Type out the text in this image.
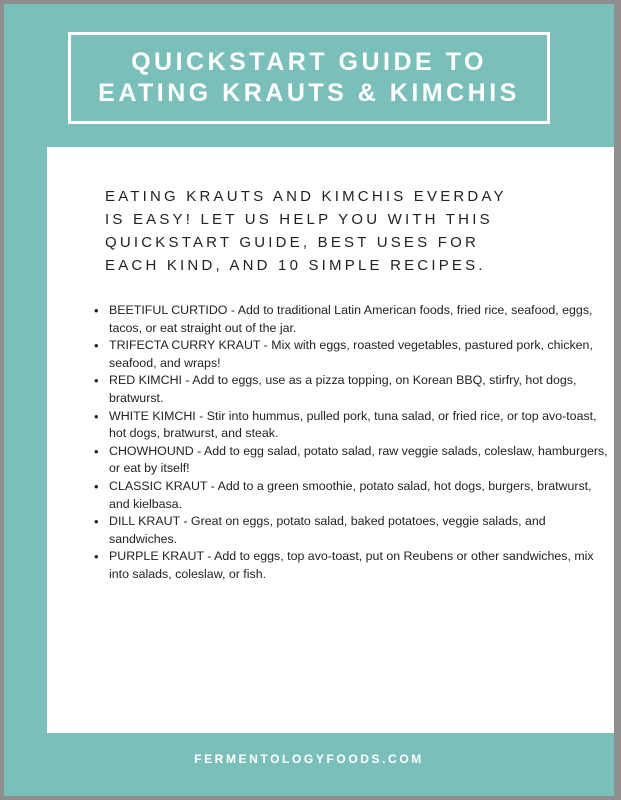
QUICKSTART GUIDE TO
EATING KRAUTS & KIMCHIS

EATING KRAUTS AND KIMCHIS EVERDAY
IS EASY! LET US HELP YOU WITH THIS
QUICKSTART GUIDE, BEST USES FOR
EACH KIND, AND 10 SIMPLE RECIPES.

• BEETIFUL CURTIDO - Add to traditional Latin American foods, fried rice, seafood, eggs, tacos, or eat straight out of the jar.
• TRIFECTA CURRY KRAUT - Mix with eggs, roasted vegetables, pastured pork, chicken, seafood, and wraps!
• RED KIMCHI - Add to eggs, use as a pizza topping, on Korean BBQ, stirfry, hot dogs, bratwurst.
• WHITE KIMCHI - Stir into hummus, pulled pork, tuna salad, or fried rice, or top avo-toast, hot dogs, bratwurst, and steak.
• CHOWHOUND - Add to egg salad, potato salad, raw veggie salads, coleslaw, hamburgers, or eat by itself!
• CLASSIC KRAUT - Add to a green smoothie, potato salad, hot dogs, burgers, bratwurst, and kielbasa.
• DILL KRAUT - Great on eggs, potato salad, baked potatoes, veggie salads, and sandwiches.
• PURPLE KRAUT - Add to eggs, top avo-toast, put on Reubens or other sandwiches, mix into salads, coleslaw, or fish.
FERMENTOLOGYFOODS.COM
